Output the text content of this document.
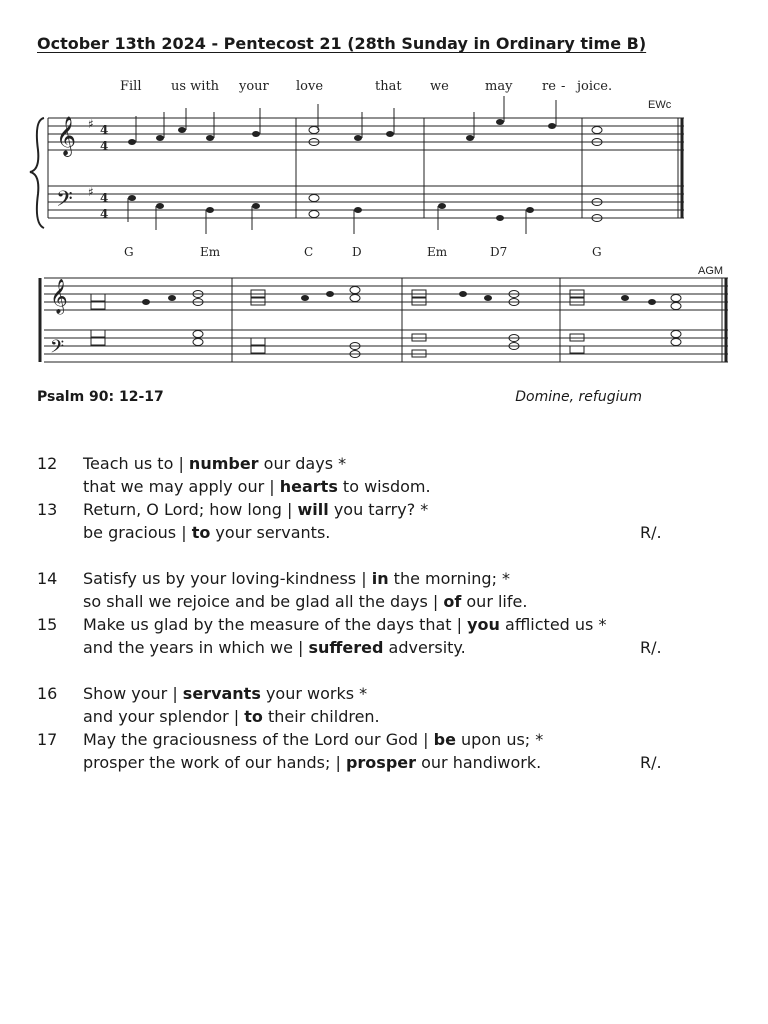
October 13th 2024 - Pentecost 21 (28th Sunday in Ordinary time B)
Fill us with your love	that we	may re - joice.
EWc
𝄞
𝄢
♯
♯
4
4
4
4
G	Em	C	D	Em	D7	G
AGM
𝄞
𝄢
Psalm 90: 12-17	Domine, refugium
12	Teach us to | number our days *
that we may apply our | hearts to wisdom.
13	Return, O Lord; how long | will you tarry? *
be gracious | to your servants.	R/.
14	Satisfy us by your loving-kindness | in the morning; *
so shall we rejoice and be glad all the days | of our life.
15	Make us glad by the measure of the days that | you afflicted us *
and the years in which we | suffered adversity.	R/.
16	Show your | servants your works *
and your splendor | to their children.
17	May the graciousness of the Lord our God | be upon us; *
prosper the work of our hands; | prosper our handiwork.	R/.
